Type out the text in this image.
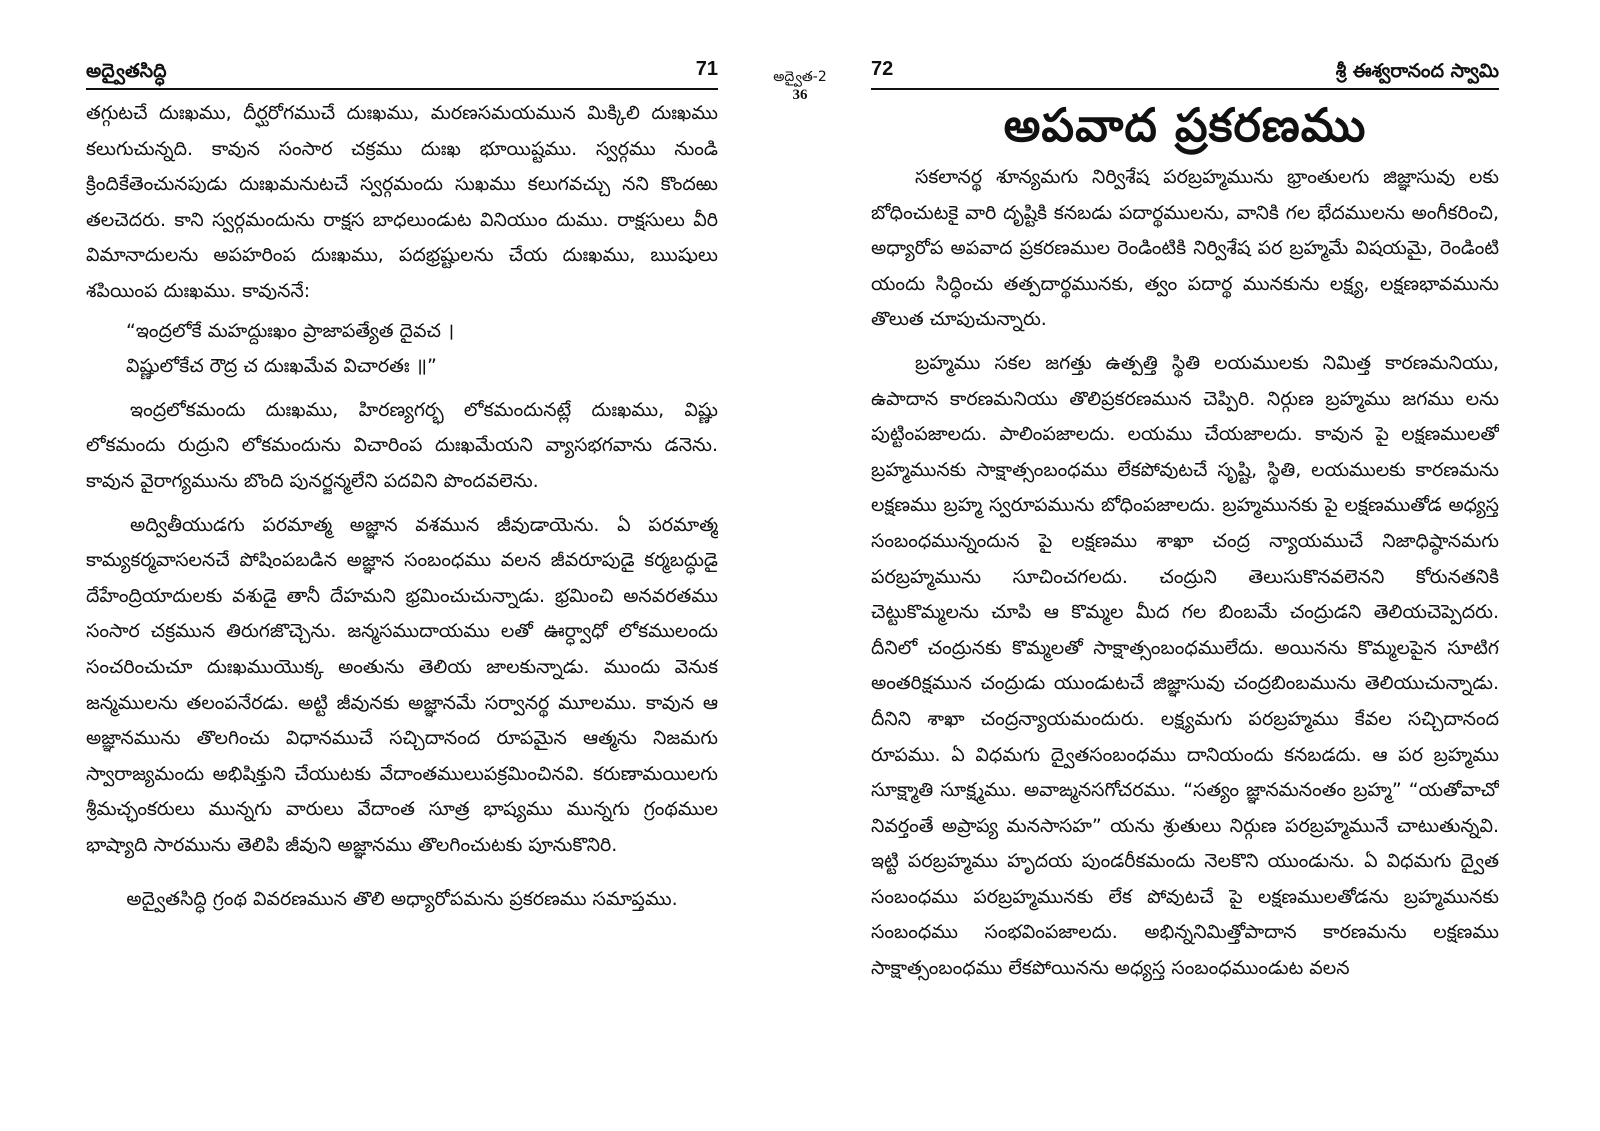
అద్వైతసిద్ధి	71

తగ్గుటచే దుఃఖము, దీర్ఘరోగముచే దుఃఖము, మరణసమయమున మిక్కిలి దుఃఖము కలుగుచున్నది. కావున సంసార చక్రము దుఃఖ భూయిష్టము. స్వర్గము నుండి క్రిందికేతెంచునపుడు దుఃఖమనుటచే స్వర్గమందు సుఖము కలుగవచ్చు నని కొందఱు తలచెదరు. కాని స్వర్గమందును రాక్షస బాధలుండుట వినియుం దుము. రాక్షసులు వీరి విమానాదులను అపహరింప దుఃఖము, పదభ్రష్టులను చేయ దుఃఖము, ఋషులు శపియింప దుఃఖము. కావుననే:

“ఇంద్రలోకే మహద్దుఃఖం ప్రాజాపత్యేత దైవచ ।
విష్ణులోకేచ రౌద్ర చ దుఃఖమేవ విచారతః ॥”

ఇంద్రలోకమందు దుఃఖము, హిరణ్యగర్భ లోకమందునట్లే దుఃఖము, విష్ణు లోకమందు రుద్రుని లోకమందును విచారింప దుఃఖమేయని వ్యాసభగవాను డనెను. కావున వైరాగ్యమును బొంది పునర్జన్మలేని పదవిని పొందవలెను.

అద్వితీయుడగు పరమాత్మ అజ్ఞాన వశమున జీవుడాయెను. ఏ పరమాత్మ కామ్యకర్మవాసలనచే పోషింపబడిన అజ్ఞాన సంబంధము వలన జీవరూపుడై కర్మబద్ధుడై దేహేంద్రియాదులకు వశుడై తానీ దేహమని భ్రమించుచున్నాడు. భ్రమించి అనవరతము సంసార చక్రమున తిరుగజొచ్చెను. జన్మసముదాయము లతో ఊర్ధ్వాధో లోకములందు సంచరించుచూ దుఃఖముయొక్క అంతును తెలియ జాలకున్నాడు. ముందు వెనుక జన్మములను తలంపనేరడు. అట్టి జీవునకు అజ్ఞానమే సర్వానర్థ మూలము. కావున ఆ అజ్ఞానమును తొలగించు విధానముచే సచ్చిదానంద రూపమైన ఆత్మను నిజమగు స్వారాజ్యమందు అభిషిక్తుని చేయుటకు వేదాంతములుపక్రమించినవి. కరుణామయిలగు శ్రీమచ్ఛంకరులు మున్నగు వారులు వేదాంత సూత్ర భాష్యము మున్నగు గ్రంథముల భాష్యాది సారమును తెలిపి జీవుని అజ్ఞానము తొలగించుటకు పూనుకొనిరి.

అద్వైతసిద్ధి గ్రంథ వివరణమున తొలి అధ్యారోపమను ప్రకరణము సమాప్తము.
అద్వైత-2
36
72	శ్రీ ఈశ్వరానంద స్వామి
అపవాద ప్రకరణము

సకలానర్థ శూన్యమగు నిర్విశేష పరబ్రహ్మమును భ్రాంతులగు జిజ్ఞాసువు లకు బోధించుటకై వారి దృష్టికి కనబడు పదార్థములను, వానికి గల భేదములను అంగీకరించి, అధ్యారోప అపవాద ప్రకరణముల రెండింటికి నిర్విశేష పర బ్రహ్మమే విషయమై, రెండింటి యందు సిద్ధించు తత్పదార్థమునకు, త్వం పదార్థ మునకును లక్ష్య, లక్షణభావమును తొలుత చూపుచున్నారు.

బ్రహ్మము సకల జగత్తు ఉత్పత్తి స్థితి లయములకు నిమిత్త కారణమనియు, ఉపాదాన కారణమనియు తొలిప్రకరణమున చెప్పిరి. నిర్గుణ బ్రహ్మము జగము లను పుట్టింపజాలదు. పాలింపజాలదు. లయము చేయజాలదు. కావున పై లక్షణములతో బ్రహ్మమునకు సాక్షాత్సంబంధము లేకపోవుటచే సృష్టి, స్థితి, లయములకు కారణమను లక్షణము బ్రహ్మ స్వరూపమును బోధింపజాలదు. బ్రహ్మమునకు పై లక్షణముతోడ అధ్యస్త సంబంధమున్నందున పై లక్షణము శాఖా చంద్ర న్యాయముచే నిజాధిష్ఠానమగు పరబ్రహ్మమును సూచించగలదు. చంద్రుని తెలుసుకొనవలెనని కోరునతనికి చెట్టుకొమ్మలను చూపి ఆ కొమ్మల మీద గల బింబమే చంద్రుడని తెలియచెప్పెదరు. దీనిలో చంద్రునకు కొమ్మలతో సాక్షాత్సంబంధములేదు. అయినను కొమ్మలపైన సూటిగ అంతరిక్షమున చంద్రుడు యుండుటచే జిజ్ఞాసువు చంద్రబింబమును తెలియుచున్నాడు. దీనిని శాఖా చంద్రన్యాయమందురు. లక్ష్యమగు పరబ్రహ్మము కేవల సచ్చిదానంద రూపము. ఏ విధమగు ద్వైతసంబంధము దానియందు కనబడదు. ఆ పర బ్రహ్మము సూక్ష్మాతి సూక్ష్మము. అవాఙ్మనసగోచరము. “సత్యం జ్ఞానమనంతం బ్రహ్మ” “యతోవాచో నివర్తంతే అప్రాప్య మనసాసహ” యను శ్రుతులు నిర్గుణ పరబ్రహ్మమునే చాటుతున్నవి. ఇట్టి పరబ్రహ్మము హృదయ పుండరీకమందు నెలకొని యుండును. ఏ విధమగు ద్వైత సంబంధము పరబ్రహ్మమునకు లేక పోవుటచే పై లక్షణములతోడను బ్రహ్మమునకు సంబంధము సంభవింపజాలదు. అభిన్ననిమిత్తోపాదాన కారణమను లక్షణము సాక్షాత్సంబంధము లేకపోయినను అధ్యస్త సంబంధముండుట వలన
